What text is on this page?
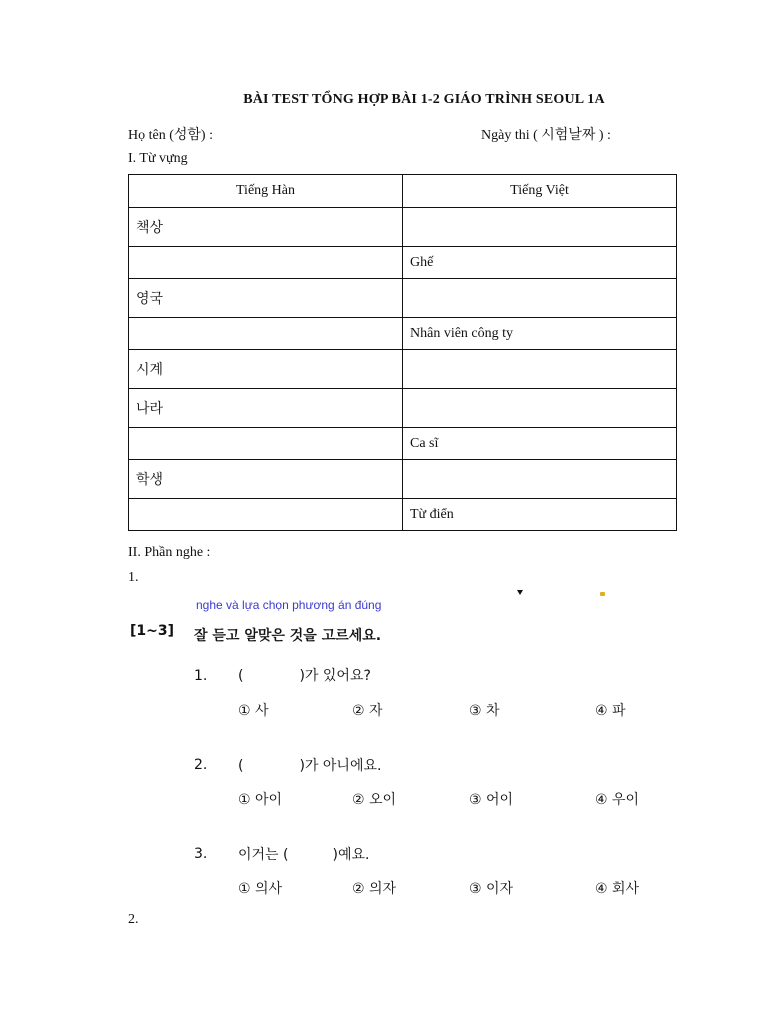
BÀI TEST TỔNG HỢP BÀI 1-2 GIÁO TRÌNH SEOUL 1A
Họ tên (성함) :	Ngày thi ( 시험날짜 ) :
I. Từ vựng
Tiếng Hàn	Tiếng Việt
책상	
	Ghế
영국	
	Nhân viên công ty
시계	
나라	
	Ca sĩ
학생	
	Từ điển
II. Phần nghe :
1.
nghe và lựa chọn phương án đúng
[1~3] 잘 듣고 알맞은 것을 고르세요.
1. (	)가 있어요?
① 사	② 자	③ 차	④ 파
2. (	)가 아니에요.
① 아이	② 오이	③ 어이	④ 우이
3. 이거는 (	)예요.
① 의사	② 의자	③ 이자	④ 회사
2.
